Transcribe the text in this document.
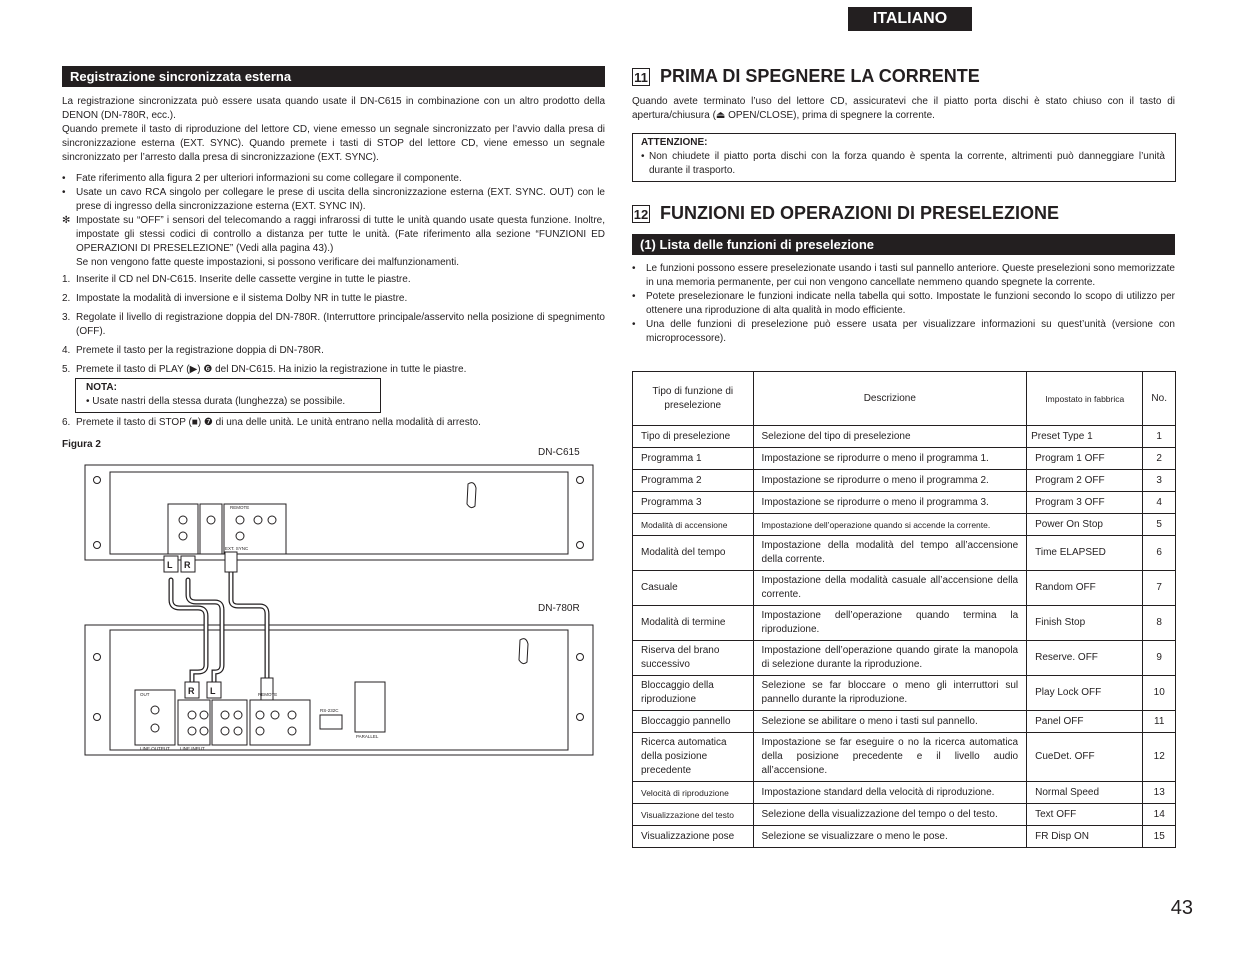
ITALIANO
Registrazione sincronizzata esterna

La registrazione sincronizzata può essere usata quando usate il DN-C615 in combinazione con un altro prodotto della DENON (DN-780R, ecc.).

Quando premete il tasto di riproduzione del lettore CD, viene emesso un segnale sincronizzato per l’avvio dalla presa di sincronizzazione esterna (EXT. SYNC). Quando premete i tasti di STOP del lettore CD, viene emesso un segnale sincronizzato per l’arresto dalla presa di sincronizzazione (EXT. SYNC).

• Fate riferimento alla figura 2 per ulteriori informazioni su come collegare il componente.
• Usate un cavo RCA singolo per collegare le prese di uscita della sincronizzazione esterna (EXT. SYNC. OUT) con le prese di ingresso della sincronizzazione esterna (EXT. SYNC IN).
✻ Impostate su “OFF” i sensori del telecomando a raggi infrarossi di tutte le unità quando usate questa funzione. Inoltre, impostate gli stessi codici di controllo a distanza per tutte le unità. (Fate riferimento alla sezione “FUNZIONI ED OPERAZIONI DI PRESELEZIONE” (Vedi alla pagina 43).)
Se non vengono fatte queste impostazioni, si possono verificare dei malfunzionamenti.
1. Inserite il CD nel DN-C615. Inserite delle cassette vergine in tutte le piastre.
2. Impostate la modalità di inversione e il sistema Dolby NR in tutte le piastre.
3. Regolate il livello di registrazione doppia del DN-780R. (Interruttore principale/asservito nella posizione di spegnimento (OFF).
4. Premete il tasto per la registrazione doppia di DN-780R.
5. Premete il tasto di PLAY (▶) ❻ del DN-C615. Ha inizio la registrazione in tutte le piastre.
NOTA:
• Usate nastri della stessa durata (lunghezza) se possibile.
6. Premete il tasto di STOP (■) ❼ di una delle unità. Le unità entrano nella modalità di arresto.
Figura 2
DN-C615
DN-780R
L R
R L
REMOTE
REMOTE
OUT
RS-232C
PARALLEL
LINE OUTPUT LINE INPUT
EXT. SYNC
11 PRIMA DI SPEGNERE LA CORRENTE
Quando avete terminato l’uso del lettore CD, assicuratevi che il piatto porta dischi è stato chiuso con il tasto di apertura/chiusura (⏏ OPEN/CLOSE), prima di spegnere la corrente.
ATTENZIONE:
• Non chiudete il piatto porta dischi con la forza quando è spenta la corrente, altrimenti può danneggiare l’unità durante il trasporto.
12 FUNZIONI ED OPERAZIONI DI PRESELEZIONE
(1) Lista delle funzioni di preselezione
• Le funzioni possono essere preselezionate usando i tasti sul pannello anteriore. Queste preselezioni sono memorizzate in una memoria permanente, per cui non vengono cancellate nemmeno quando spegnete la corrente.
• Potete preselezionare le funzioni indicate nella tabella qui sotto. Impostate le funzioni secondo lo scopo di utilizzo per ottenere una riproduzione di alta qualità in modo efficiente.
• Una delle funzioni di preselezione può essere usata per visualizzare informazioni su quest’unità (versione con microprocessore).
Tipo di funzione di preselezione	Descrizione	Impostato in fabbrica	No.
Tipo di preselezione	Selezione del tipo di preselezione	Preset Type 1	1
Programma 1	Impostazione se riprodurre o meno il programma 1.	Program 1 OFF	2
Programma 2	Impostazione se riprodurre o meno il programma 2.	Program 2 OFF	3
Programma 3	Impostazione se riprodurre o meno il programma 3.	Program 3 OFF	4
Modalità di accensione	Impostazione dell’operazione quando si accende la corrente.	Power On Stop	5
Modalità del tempo	Impostazione della modalità del tempo all’accensione della corrente.	Time ELAPSED	6
Casuale	Impostazione della modalità casuale all’accensione della corrente.	Random OFF	7
Modalità di termine	Impostazione dell’operazione quando termina la riproduzione.	Finish Stop	8
Riserva del brano successivo	Impostazione dell’operazione quando girate la manopola di selezione durante la riproduzione.	Reserve. OFF	9
Bloccaggio della riproduzione	Selezione se far bloccare o meno gli interruttori sul pannello durante la riproduzione.	Play Lock OFF	10
Bloccaggio pannello	Selezione se abilitare o meno i tasti sul pannello.	Panel OFF	11
Ricerca automatica della posizione precedente	Impostazione se far eseguire o no la ricerca automatica della posizione precedente e il livello audio all’accensione.	CueDet. OFF	12
Velocità di riproduzione	Impostazione standard della velocità di riproduzione.	Normal Speed	13
Visualizzazione del testo	Selezione della visualizzazione del tempo o del testo.	Text OFF	14
Visualizzazione pose	Selezione se visualizzare o meno le pose.	FR Disp ON	15
43
